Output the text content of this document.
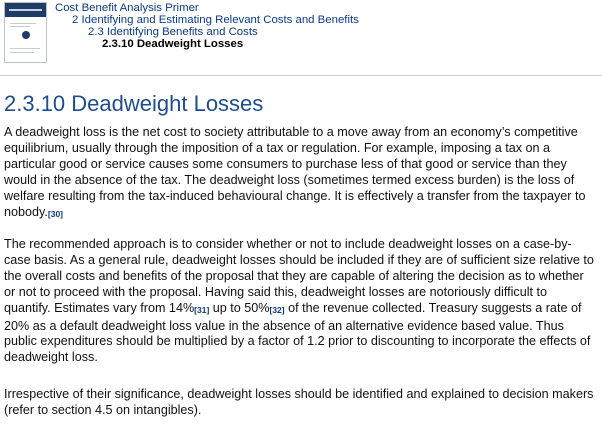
Cost Benefit Analysis Primer
2 Identifying and Estimating Relevant Costs and Benefits
2.3 Identifying Benefits and Costs
2.3.10 Deadweight Losses
2.3.10 Deadweight Losses

A deadweight loss is the net cost to society attributable to a move away from an economy’s competitive equilibrium, usually through the imposition of a tax or regulation. For example, imposing a tax on a particular good or service causes some consumers to purchase less of that good or service than they would in the absence of the tax. The deadweight loss (sometimes termed excess burden) is the loss of welfare resulting from the tax-induced behavioural change. It is effectively a transfer from the taxpayer to nobody.[30]

The recommended approach is to consider whether or not to include deadweight losses on a case-by-case basis. As a general rule, deadweight losses should be included if they are of sufficient size relative to the overall costs and benefits of the proposal that they are capable of altering the decision as to whether or not to proceed with the proposal. Having said this, deadweight losses are notoriously difficult to quantify. Estimates vary from 14%[31] up to 50%[32] of the revenue collected. Treasury suggests a rate of 20% as a default deadweight loss value in the absence of an alternative evidence based value. Thus public expenditures should be multiplied by a factor of 1.2 prior to discounting to incorporate the effects of deadweight loss.

Irrespective of their significance, deadweight losses should be identified and explained to decision makers (refer to section 4.5 on intangibles).
